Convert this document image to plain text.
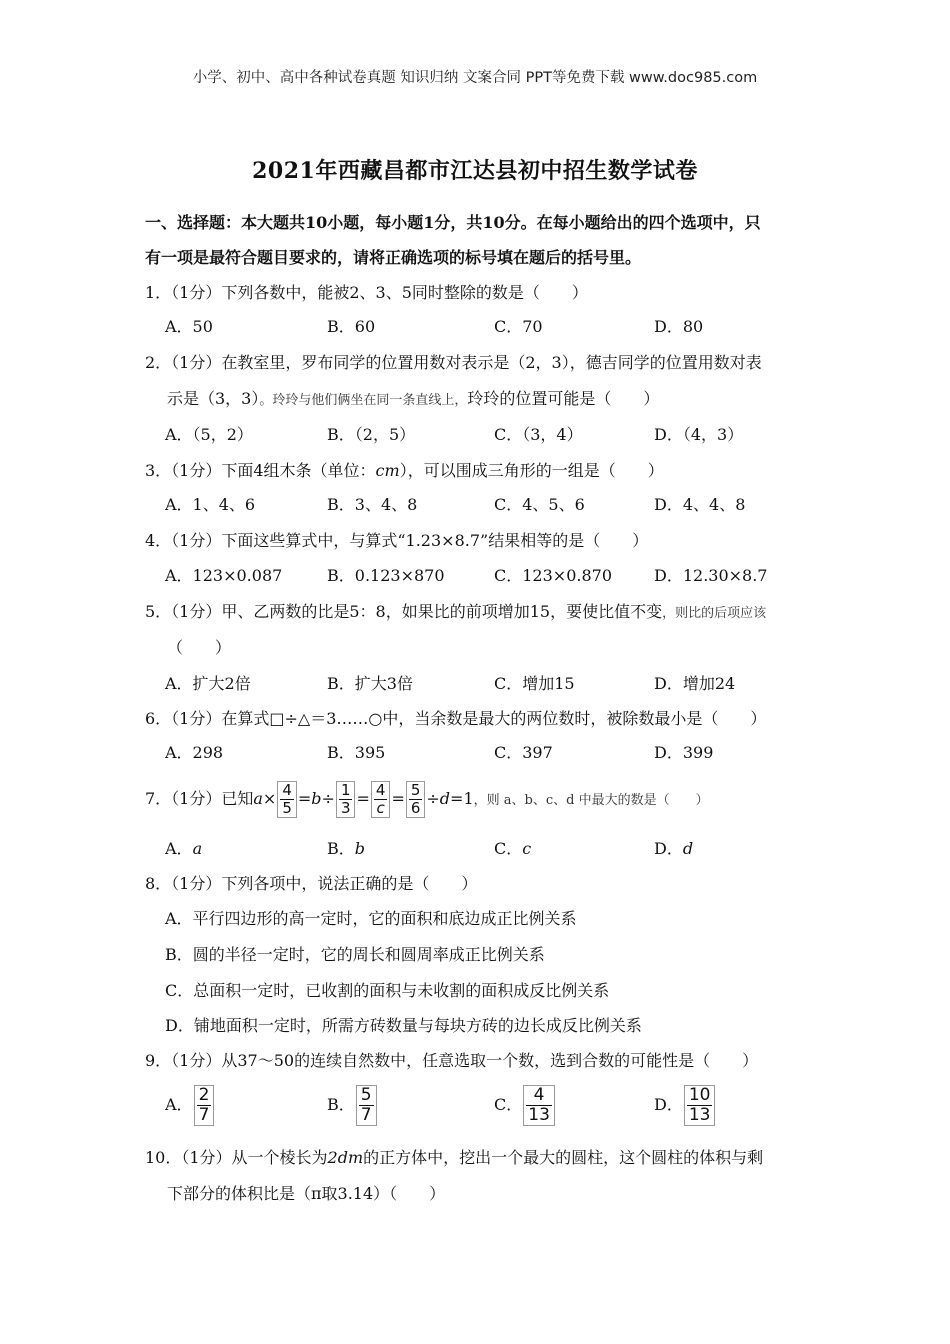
小学、初中、高中各种试卷真题 知识归纳 文案合同 PPT等免费下载 www.doc985.com
2021年西藏昌都市江达县初中招生数学试卷
一、选择题：本大题共10小题，每小题1分，共10分。在每小题给出的四个选项中，只
有一项是最符合题目要求的，请将正确选项的标号填在题后的括号里。
1．（1分）下列各数中，能被2、3、5同时整除的数是（　　）
A．50	B．60	C．70	D．80
2．（1分）在教室里，罗布同学的位置用数对表示是（2，3），德吉同学的位置用数对表
示是（3，3）。玲玲与他们俩坐在同一条直线上，玲玲的位置可能是（　　）
A．（5，2）	B．（2，5）	C．（3，4）	D．（4，3）
3．（1分）下面4组木条（单位：cm），可以围成三角形的一组是（　　）
A．1、4、6	B．3、4、8	C．4、5、6	D．4、4、8
4．（1分）下面这些算式中，与算式“1.23×8.7”结果相等的是（　　）
A．123×0.087	B．0.123×870	C．123×0.870	D．12.30×8.7
5．（1分）甲、乙两数的比是5：8，如果比的前项增加15，要使比值不变，则比的后项应该
（　　）
A．扩大2倍	B．扩大3倍	C．增加15	D．增加24
6．（1分）在算式□÷△＝3……○中，当余数是最大的两位数时，被除数最小是（　　）
A．298	B．395	C．397	D．399
7．（1分）已知$a\times \frac{4}{5} =b\div \frac{1}{3} = \frac{4}{c} = \frac{5}{6} \div d=1$，则 a、b、c、d 中最大的数是（　　）
A．a	B．b	C．c	D．d
8．（1分）下列各项中，说法正确的是（　　）
A．平行四边形的高一定时，它的面积和底边成正比例关系
B．圆的半径一定时，它的周长和圆周率成正比例关系
C．总面积一定时，已收割的面积与未收割的面积成反比例关系
D．铺地面积一定时，所需方砖数量与每块方砖的边长成反比例关系
9．（1分）从37～50的连续自然数中，任意选取一个数，选到合数的可能性是（　　）
A． $\frac{2}{7}$	B． $\frac{5}{7}$	C． $\frac{4}{13}$	D． $\frac{10}{13}$
10．（1分）从一个棱长为2dm的正方体中，挖出一个最大的圆柱，这个圆柱的体积与剩
下部分的体积比是（π取3.14）（　　）
